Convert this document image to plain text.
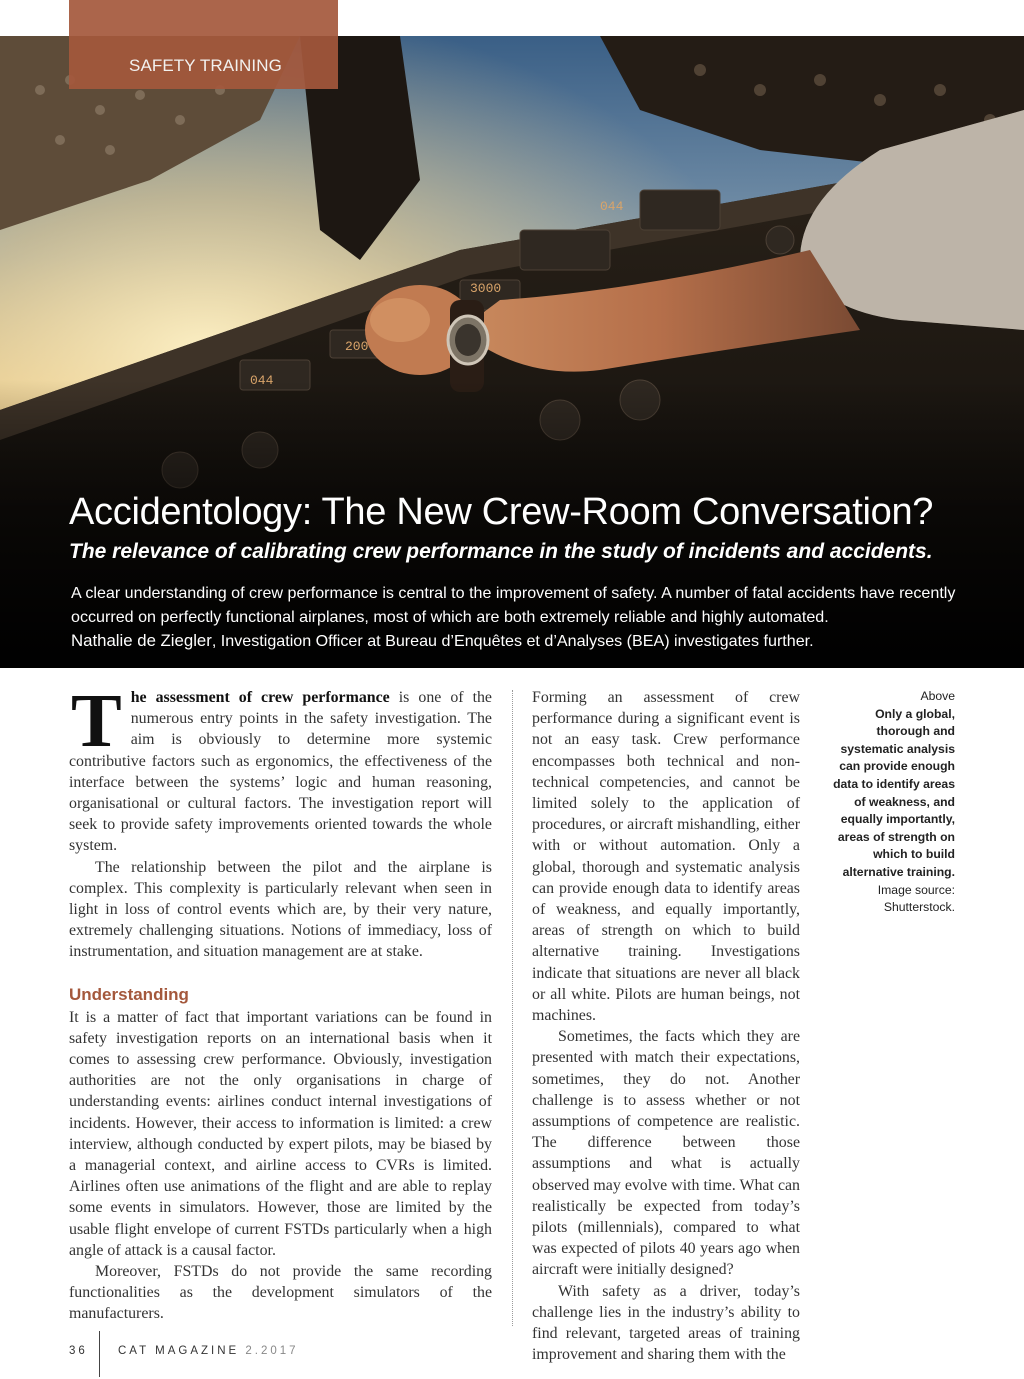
044
3000
200
SAFETY TRAINING
Accidentology: The New Crew-Room Conversation?
The relevance of calibrating crew performance in the study of incidents and accidents.

A clear understanding of crew performance is central to the improvement of safety. A number of fatal accidents have recently occurred on perfectly functional airplanes, most of which are both extremely reliable and highly automated.
Nathalie de Ziegler, Investigation Officer at Bureau d’Enquêtes et d’Analyses (BEA) investigates further.

The assessment of crew performance is one of the numerous entry points in the safety investigation. The aim is obviously to determine more systemic contributive factors such as ergonomics, the effectiveness of the interface between the systems’ logic and human reasoning, organisational or cultural factors. The investigation report will seek to provide safety improvements oriented towards the whole system.

The relationship between the pilot and the airplane is complex. This complexity is particularly relevant when seen in light in loss of control events which are, by their very nature, extremely challenging situations. Notions of immediacy, loss of instrumentation, and situation management are at stake.

Understanding

It is a matter of fact that important variations can be found in safety investigation reports on an international basis when it comes to assessing crew performance. Obviously, investigation authorities are not the only organisations in charge of understanding events: airlines conduct internal investigations of incidents. However, their access to information is limited: a crew interview, although conducted by expert pilots, may be biased by a managerial context, and airline access to CVRs is limited. Airlines often use animations of the flight and are able to replay some events in simulators. However, those are limited by the usable flight envelope of current FSTDs particularly when a high angle of attack is a causal factor.

Moreover, FSTDs do not provide the same recording functionalities as the development simulators of the manufacturers.

Forming an assessment of crew performance during a significant event is not an easy task. Crew performance encompasses both technical and non-technical competencies, and cannot be limited solely to the application of procedures, or aircraft mishandling, either with or without automation. Only a global, thorough and systematic analysis can provide enough data to identify areas of weakness, and equally importantly, areas of strength on which to build alternative training. Investigations indicate that situations are never all black or all white. Pilots are human beings, not machines.

Sometimes, the facts which they are presented with match their expectations, sometimes, they do not. Another challenge is to assess whether or not assumptions of competence are realistic. The difference between those assumptions and what is actually observed may evolve with time. What can realistically be expected from today’s pilots (millennials), compared to what was expected of pilots 40 years ago when aircraft were initially designed?

With safety as a driver, today’s challenge lies in the industry’s ability to find relevant, targeted areas of training improvement and sharing them with the

Above
Only a global, thorough and systematic analysis can provide enough data to identify areas of weakness, and equally importantly, areas of strength on which to build alternative training.
Image source: Shutterstock.
36	CAT MAGAZINE 2.2017
